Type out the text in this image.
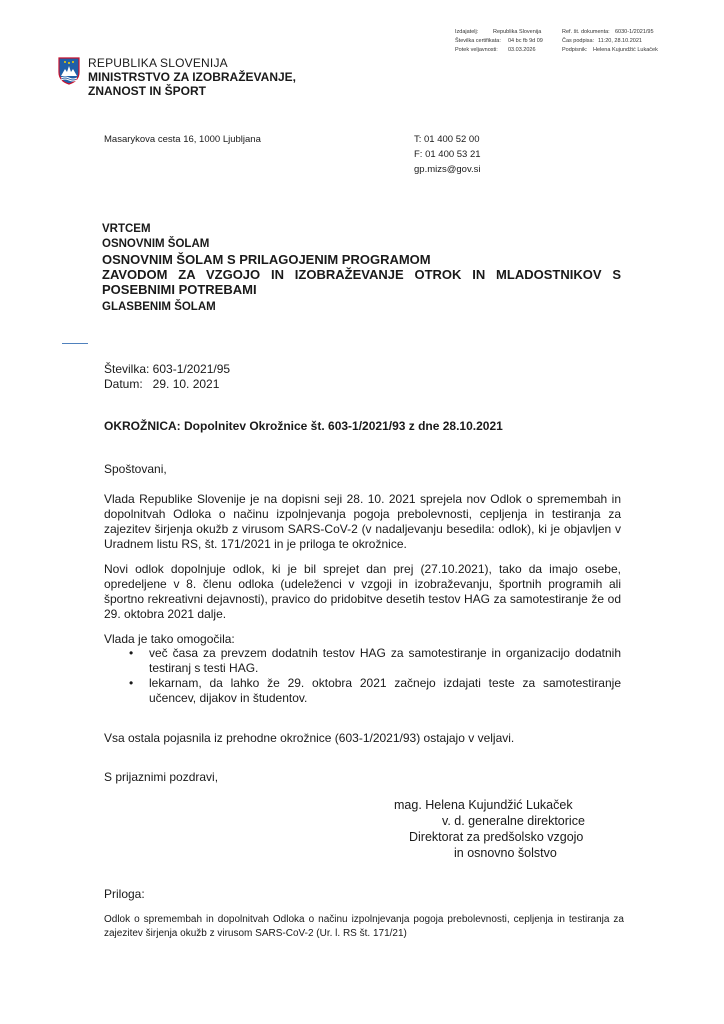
Izdajatelj:	Republika Slovenija	Ref. št. dokumenta: 6030-1/2021/95
Številka certifikata: 04 bc fb 9d 09	Čas podpisa: 11:20, 28.10.2021
Potek veljavnosti: 03.03.2026	Podpisnik: Helena Kujundžić Lukaček
REPUBLIKA SLOVENIJA
MINISTRSTVO ZA IZOBRAŽEVANJE,
ZNANOST IN ŠPORT
Masarykova cesta 16, 1000 Ljubljana	T: 01 400 52 00
F: 01 400 53 21
gp.mizs@gov.si
VRTCEM
OSNOVNIM ŠOLAM
OSNOVNIM ŠOLAM S PRILAGOJENIM PROGRAMOM
ZAVODOM ZA VZGOJO IN IZOBRAŽEVANJE OTROK IN MLADOSTNIKOV S
POSEBNIMI POTREBAMI
GLASBENIM ŠOLAM
Številka: 603-1/2021/95
Datum:   29. 10. 2021
OKROŽNICA: Dopolnitev Okrožnice št. 603-1/2021/93 z dne 28.10.2021
Spoštovani,
Vlada Republike Slovenije je na dopisni seji 28. 10. 2021 sprejela nov Odlok o spremembah in dopolnitvah Odloka o načinu izpolnjevanja pogoja prebolevnosti, cepljenja in testiranja za zajezitev širjenja okužb z virusom SARS-CoV-2 (v nadaljevanju besedila: odlok), ki je objavljen v Uradnem listu RS, št. 171/2021 in je priloga te okrožnice.
Novi odlok dopolnjuje odlok, ki je bil sprejet dan prej (27.10.2021), tako da imajo osebe, opredeljene v 8. členu odloka (udeleženci v vzgoji in izobraževanju, športnih programih ali športno rekreativni dejavnosti), pravico do pridobitve desetih testov HAG za samotestiranje že od 29. oktobra 2021 dalje.
Vlada je tako omogočila:
• več časa za prevzem dodatnih testov HAG za samotestiranje in organizacijo dodatnih testiranj s testi HAG.
• lekarnam, da lahko že 29. oktobra 2021 začnejo izdajati teste za samotestiranje učencev, dijakov in študentov.
Vsa ostala pojasnila iz prehodne okrožnice (603-1/2021/93) ostajajo v veljavi.
S prijaznimi pozdravi,
mag. Helena Kujundžić Lukaček
v. d. generalne direktorice
Direktorat za predšolsko vzgojo
in osnovno šolstvo
Priloga:
Odlok o spremembah in dopolnitvah Odloka o načinu izpolnjevanja pogoja prebolevnosti, cepljenja in testiranja za zajezitev širjenja okužb z virusom SARS-CoV-2 (Ur. l. RS št. 171/21)
